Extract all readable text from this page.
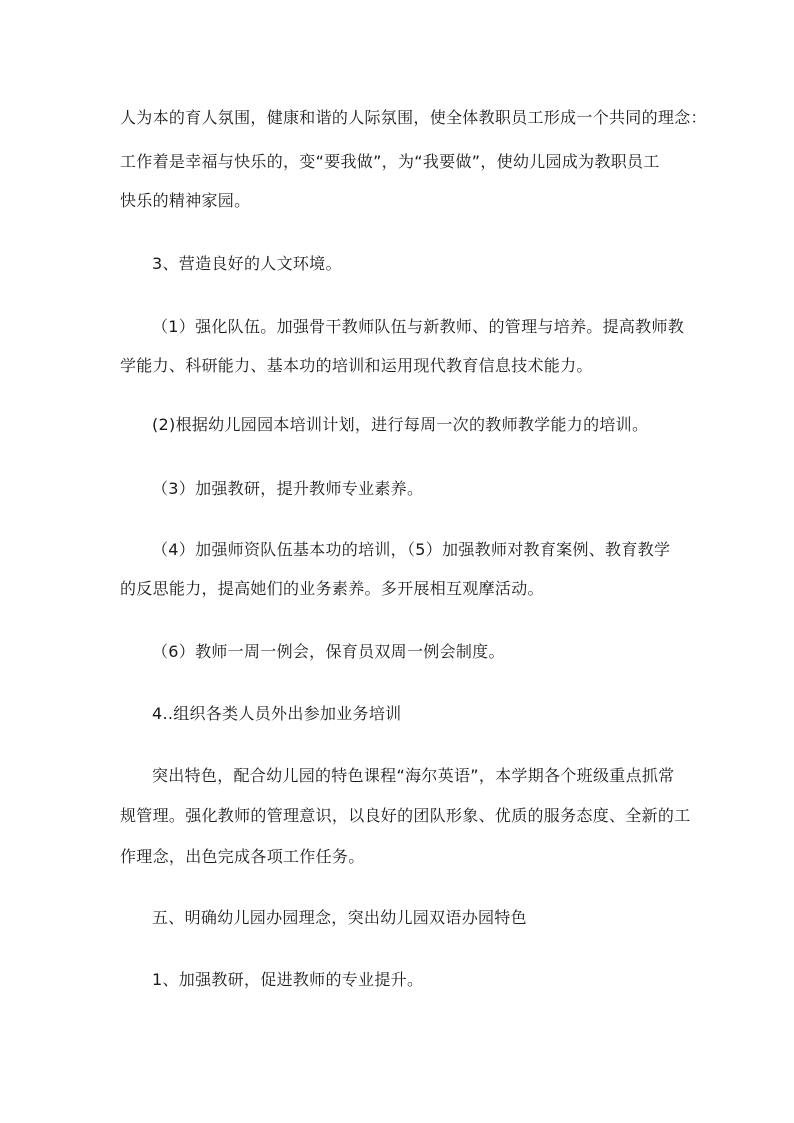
人为本的育人氛围，健康和谐的人际氛围，使全体教职员工形成一个共同的理念：
工作着是幸福与快乐的，变“要我做”，为“我要做”，使幼儿园成为教职员工
快乐的精神家园。
3、营造良好的人文环境。
（1）强化队伍。加强骨干教师队伍与新教师、的管理与培养。提高教师教
学能力、科研能力、基本功的培训和运用现代教育信息技术能力。
(2)根据幼儿园园本培训计划，进行每周一次的教师教学能力的培训。
（3）加强教研，提升教师专业素养。
（4）加强师资队伍基本功的培训，（5）加强教师对教育案例、教育教学
的反思能力，提高她们的业务素养。多开展相互观摩活动。
（6）教师一周一例会，保育员双周一例会制度。
4..组织各类人员外出参加业务培训
突出特色，配合幼儿园的特色课程“海尔英语”，本学期各个班级重点抓常
规管理。强化教师的管理意识，以良好的团队形象、优质的服务态度、全新的工
作理念，出色完成各项工作任务。
五、明确幼儿园办园理念，突出幼儿园双语办园特色
1、加强教研，促进教师的专业提升。
